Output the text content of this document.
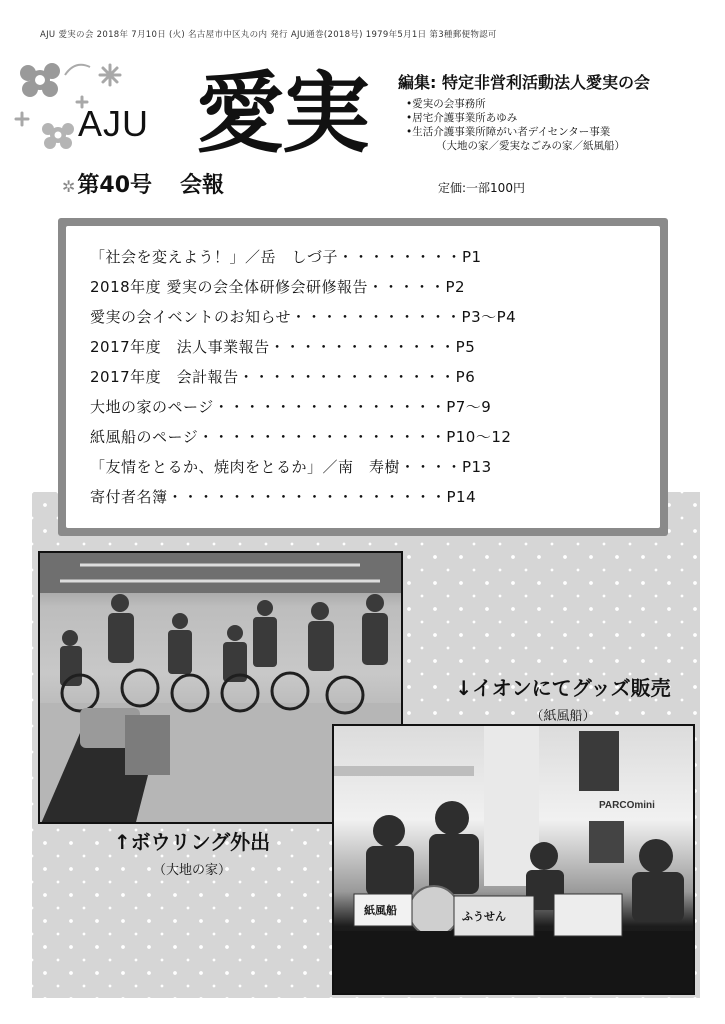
AJU 愛実の会 2018年 7月10日 (火) 名古屋市中区丸の内 発行 AJU通巻(2018号) 1979年5月1日 第3種郵便物認可
AJU 愛実
✲第40号 会報
編集: 特定非営利活動法人愛実の会
•愛実の会事務所
•居宅介護事業所あゆみ
•生活介護事業所障がい者デイセンター事業
（大地の家／愛実なごみの家／紙風船）
定価:一部100円
「社会を変えよう！」／岳　しづ子・・・・・・・・P1
2018年度 愛実の会全体研修会研修報告・・・・・P2
愛実の会イベントのお知らせ・・・・・・・・・・・P3～P4
2017年度　法人事業報告・・・・・・・・・・・・P5
2017年度　会計報告・・・・・・・・・・・・・・P6
大地の家のページ・・・・・・・・・・・・・・・P7～9
紙風船のページ・・・・・・・・・・・・・・・・P10～12
「友情をとるか、焼肉をとるか」／南　寿樹・・・・P13
寄付者名簿・・・・・・・・・・・・・・・・・・P14
↑ボウリング外出
（大地の家）
↓イオンにてグッズ販売
（紙風船）
紙風船	ふうせん
PARCOmini
